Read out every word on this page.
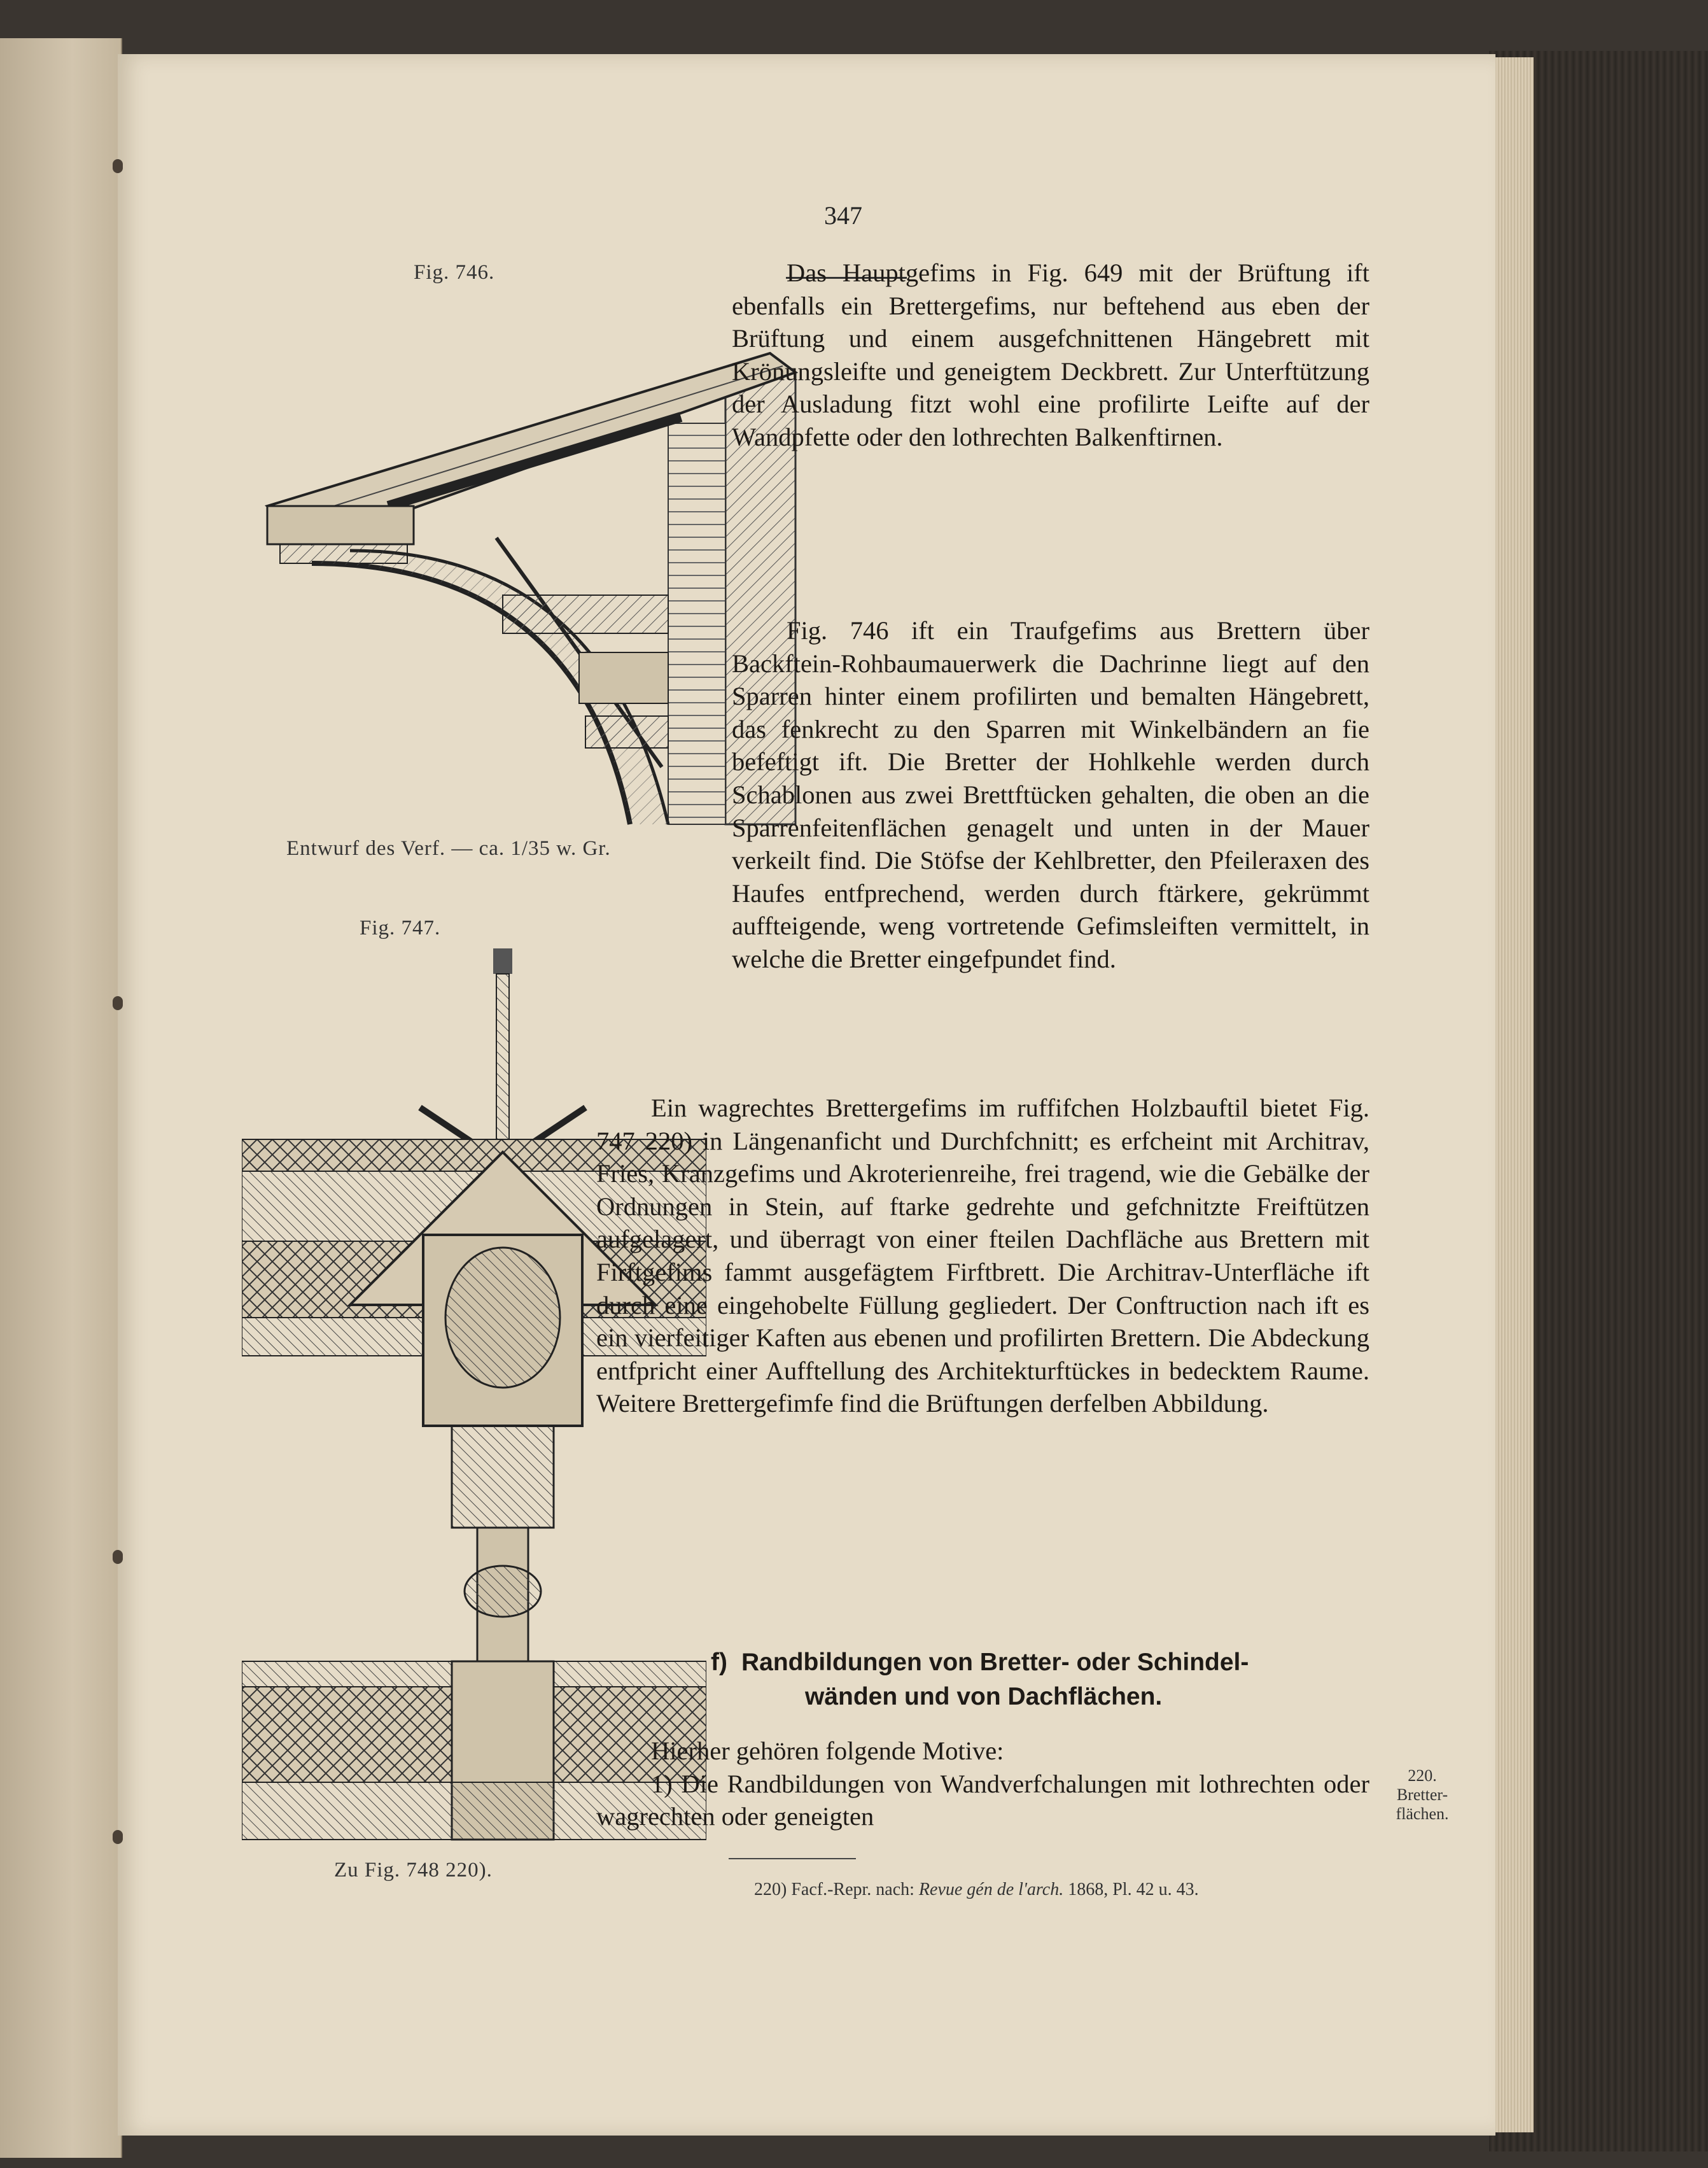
347
Fig. 746.
Entwurf des Verf. — ca. 1/35 w. Gr.
Fig. 747.
Zu Fig. 748 220).

Das Hauptgefims in Fig. 649 mit der Brüftung ift ebenfalls ein Brettergefims, nur beftehend aus eben der Brüftung und einem ausgefchnittenen Hängebrett mit Krönungsleifte und geneigtem Deckbrett. Zur Unterftützung der Ausladung fitzt wohl eine profilirte Leifte auf der Wandpfette oder den lothrechten Balkenftirnen.

Fig. 746 ift ein Traufgefims aus Brettern über Backftein-Rohbaumauerwerk die Dachrinne liegt auf den Sparren hinter einem profilirten und bemalten Hängebrett, das fenkrecht zu den Sparren mit Winkelbändern an fie befeftigt ift. Die Bretter der Hohlkehle werden durch Schablonen aus zwei Brettftücken gehalten, die oben an die Sparrenfeitenflächen genagelt und unten in der Mauer verkeilt find. Die Stöfse der Kehlbretter, den Pfeileraxen des Haufes entfprechend, werden durch ftärkere, gekrümmt auffteigende, weng vortretende Gefimsleiften vermittelt, in welche die Bretter eingefpundet find.

Ein wagrechtes Brettergefims im ruffifchen Holzbauftil bietet Fig. 747 220) in Längenanficht und Durchfchnitt; es erfcheint mit Architrav, Fries, Kranzgefims und Akroterienreihe, frei tragend, wie die Gebälke der Ordnungen in Stein, auf ftarke gedrehte und gefchnitzte Freiftützen aufgelagert, und überragt von einer fteilen Dachfläche aus Brettern mit Firftgefims fammt ausgefägtem Firftbrett. Die Architrav-Unterfläche ift durch eine eingehobelte Füllung gegliedert. Der Conftruction nach ift es ein vierfeitiger Kaften aus ebenen und profilirten Brettern. Die Abdeckung entfpricht einer Aufftellung des Architekturftückes in bedecktem Raume. Weitere Brettergefimfe find die Brüftungen derfelben Abbildung.

f) Randbildungen von Bretter- oder Schindel-
wänden und von Dachflächen.

Hierher gehören folgende Motive:

1) Die Randbildungen von Wandverfchalungen mit lothrechten oder wagrechten oder geneigten

220.
Bretter-flächen.
220) Facf.-Repr. nach: Revue gén de l'arch. 1868, Pl. 42 u. 43.
